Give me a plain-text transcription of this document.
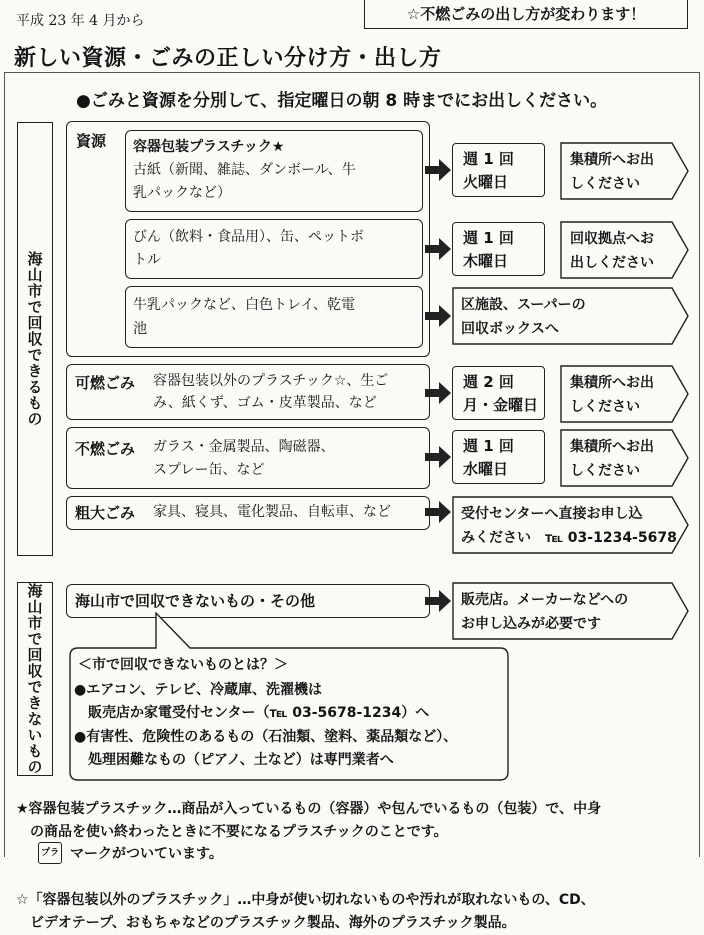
平成 23 年 4 月から	☆不燃ごみの出し方が変わります！
新しい資源・ごみの正しい分け方・出し方
●ごみと資源を分別して、指定曜日の朝 8 時までにお出しください。
海山市で回収できるもの
海山市で回収できないもの
資源 容器包装プラスチック★
古紙（新聞、雑誌、ダンボール、牛
乳パックなど）
びん（飲料・食品用）、缶、ペットボ
トル
牛乳パックなど、白色トレイ、乾電
池
可燃ごみ 容器包装以外のプラスチック☆、生ご
み、紙くず、ゴム・皮革製品、など
不燃ごみ ガラス・金属製品、陶磁器、
スプレー缶、など
粗大ごみ 家具、寝具、電化製品、自転車、など
海山市で回収できないもの・その他
＜市で回収できないものとは？＞
●エアコン、テレビ、冷蔵庫、洗濯機は
　販売店か家電受付センター（℡ 03-5678-1234）へ
●有害性、危険性のあるもの（石油類、塗料、薬品類など）、
　処理困難なもの（ピアノ、土など）は専門業者へ
週 1 回
火曜日
週 1 回
木曜日
週 2 回
月・金曜日
週 1 回
水曜日
集積所へお出
しください
回収拠点へお
出しください
集積所へお出
しください
集積所へお出
しください
区施設、スーパーの
回収ボックスへ
受付センターへ直接お申し込
みください　℡ 03-1234-5678
販売店。メーカーなどへの
お申し込みが必要です
★容器包装プラスチック…商品が入っているもの（容器）や包んでいるもの（包装）で、中身
　の商品を使い終わったときに不要になるプラスチックのことです。
プラ マークがついています。
☆「容器包装以外のプラスチック」…中身が使い切れないものや汚れが取れないもの、CD、
　ビデオテープ、おもちゃなどのプラスチック製品、海外のプラスチック製品。
